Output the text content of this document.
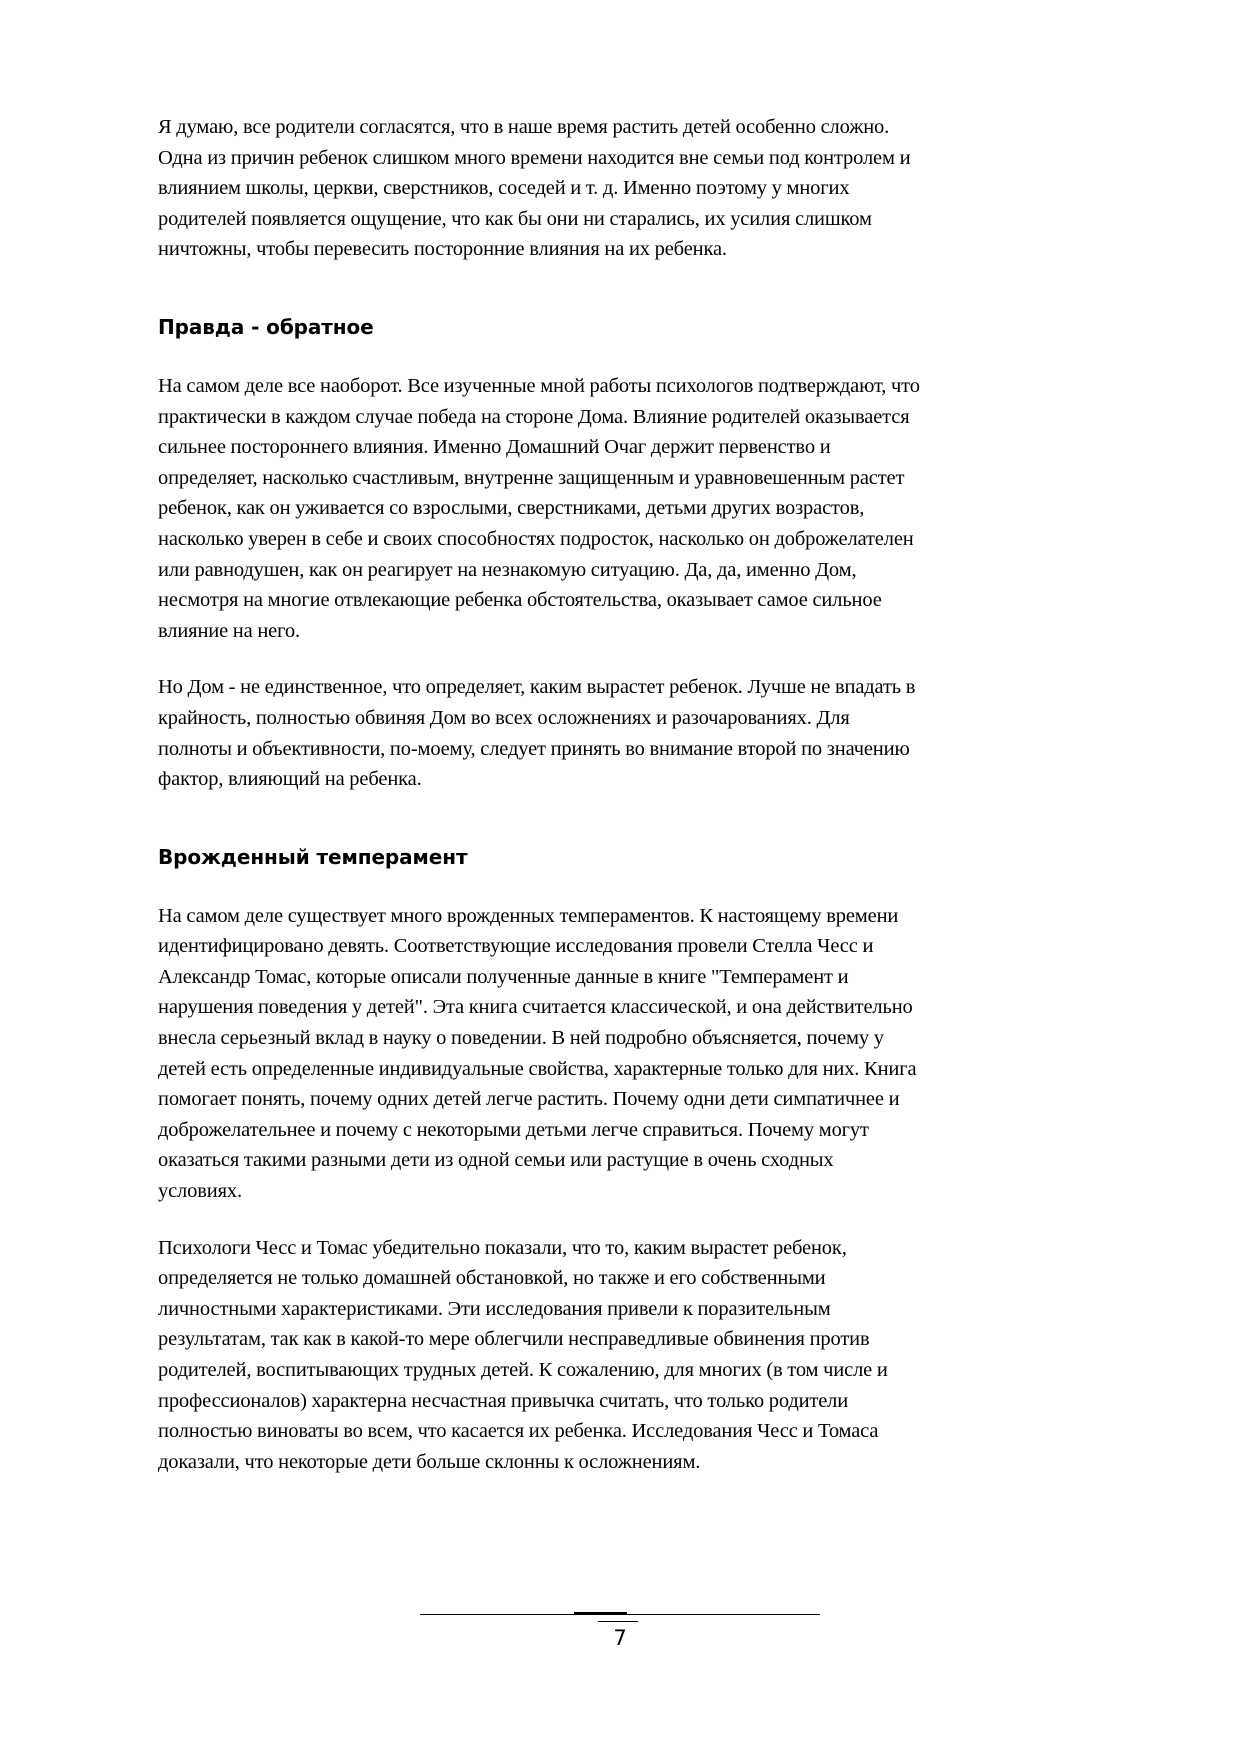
Я думаю, все родители согласятся, что в наше время растить детей особенно сложно. Одна из причин ребенок слишком много времени находится вне семьи под контролем и влиянием школы, церкви, сверстников, соседей и т. д. Именно поэтому у многих родителей появляется ощущение, что как бы они ни старались, их усилия слишком ничтожны, чтобы перевесить посторонние влияния на их ребенка.

Правда - обратное

На самом деле все наоборот. Все изученные мной работы психологов подтверждают, что практически в каждом случае победа на стороне Дома. Влияние родителей оказывается сильнее постороннего влияния. Именно Домашний Очаг держит первенство и определяет, насколько счастливым, внутренне защищенным и уравновешенным растет ребенок, как он уживается со взрослыми, сверстниками, детьми других возрастов, насколько уверен в себе и своих способностях подросток, насколько он доброжелателен или равнодушен, как он реагирует на незнакомую ситуацию. Да, да, именно Дом, несмотря на многие отвлекающие ребенка обстоятельства, оказывает самое сильное влияние на него.

Но Дом - не единственное, что определяет, каким вырастет ребенок. Лучше не впадать в крайность, полностью обвиняя Дом во всех осложнениях и разочарованиях. Для полноты и объективности, по-моему, следует принять во внимание второй по значению фактор, влияющий на ребенка.

Врожденный темперамент

На самом деле существует много врожденных темпераментов. К настоящему времени идентифицировано девять. Соответствующие исследования провели Стелла Чесс и Александр Томас, которые описали полученные данные в книге "Темперамент и нарушения поведения у детей". Эта книга считается классической, и она действительно внесла серьезный вклад в науку о поведении. В ней подробно объясняется, почему у детей есть определенные индивидуальные свойства, характерные только для них. Книга помогает понять, почему одних детей легче растить. Почему одни дети симпатичнее и доброжелательнее и почему с некоторыми детьми легче справиться. Почему могут оказаться такими разными дети из одной семьи или растущие в очень сходных условиях.

Психологи Чесс и Томас убедительно показали, что то, каким вырастет ребенок, определяется не только домашней обстановкой, но также и его собственными личностными характеристиками. Эти исследования привели к поразительным результатам, так как в какой-то мере облегчили несправедливые обвинения против родителей, воспитывающих трудных детей. К сожалению, для многих (в том числе и профессионалов) характерна несчастная привычка считать, что только родители полностью виноваты во всем, что касается их ребенка. Исследования Чесс и Томаса доказали, что некоторые дети больше склонны к осложнениям.

7
